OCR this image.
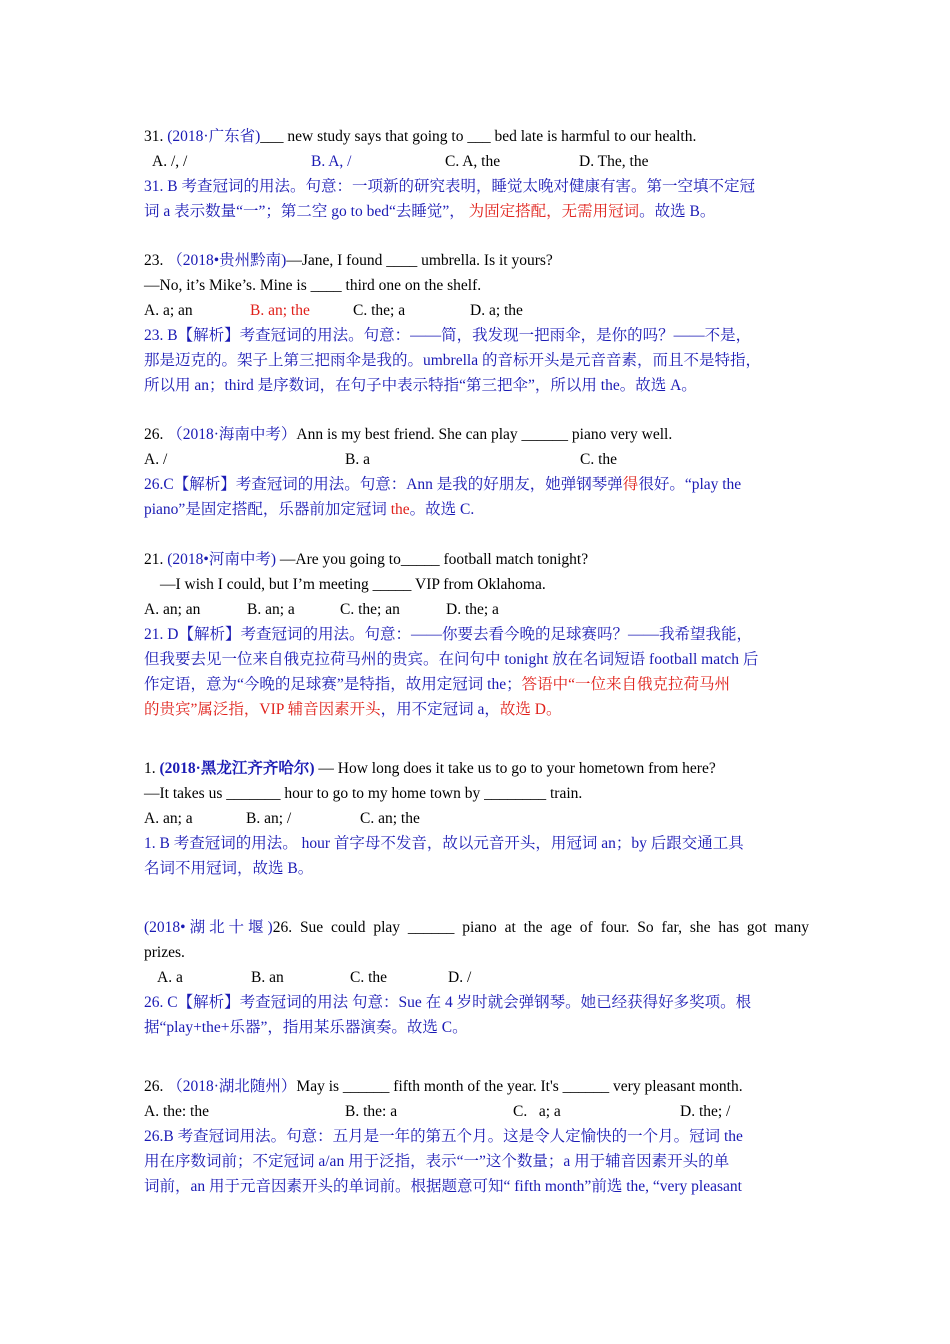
31. (2018·广东省)___ new study says that going to ___ bed late is harmful to our health.
A. /, /	B. A, /	C. A, the	D. The, the
31. B 考查冠词的用法。句意：一项新的研究表明，睡觉太晚对健康有害。第一空填不定冠
词 a 表示数量“一”；第二空 go to bed“去睡觉”， 为固定搭配，无需用冠词。故选 B。
23. （2018•贵州黔南)—Jane, I found ____ umbrella. Is it yours?
—No, it’s Mike’s. Mine is ____ third one on the shelf.
A. a; an	B. an; the	C. the; a	D. a; the
23. B【解析】考查冠词的用法。句意：——简，我发现一把雨伞，是你的吗？——不是，
那是迈克的。架子上第三把雨伞是我的。umbrella 的音标开头是元音音素，而且不是特指，
所以用 an；third 是序数词，在句子中表示特指“第三把伞”，所以用 the。故选 A。
26. （2018·海南中考）Ann is my best friend. She can play ______ piano very well.
A. /	B. a	C. the
26.C【解析】考查冠词的用法。句意：Ann 是我的好朋友，她弹钢琴弹得很好。“play the
piano”是固定搭配，乐器前加定冠词 the。故选 C.
21. (2018•河南中考) —Are you going to_____ football match tonight?
—I wish I could, but I’m meeting _____ VIP from Oklahoma.
A. an; an	B. an; a	C. the; an	D. the; a
21. D【解析】考查冠词的用法。句意：——你要去看今晚的足球赛吗？——我希望我能，
但我要去见一位来自俄克拉荷马州的贵宾。在问句中 tonight 放在名词短语 football match 后
作定语，意为“今晚的足球赛”是特指，故用定冠词 the；答语中“一位来自俄克拉荷马州
的贵宾”属泛指，VIP 辅音因素开头，用不定冠词 a，故选 D。
1. (2018·黑龙江齐齐哈尔) — How long does it take us to go to your hometown from here?
—It takes us _______ hour to go to my home town by ________ train.
A. an; a	B. an; /	C. an; the
1. B 考查冠词的用法。 hour 首字母不发音，故以元音开头，用冠词 an；by 后跟交通工具
名词不用冠词，故选 B。
(2018•湖北十堰)26. Sue could play ______ piano at the age of four. So far, she has got many
prizes.
A. a	B. an	C. the	D. /
26. C【解析】考查冠词的用法 句意：Sue 在 4 岁时就会弹钢琴。她已经获得好多奖项。根
据“play+the+乐器”，指用某乐器演奏。故选 C。
26. （2018·湖北随州）May is ______ fifth month of the year. It's ______ very pleasant month.
A. the: the	B. the: a	C.   a; a	D. the; /
26.B 考查冠词用法。句意：五月是一年的第五个月。这是令人定愉快的一个月。冠词 the
用在序数词前；不定冠词 a/an 用于泛指，表示“一”这个数量；a 用于辅音因素开头的单
词前，an 用于元音因素开头的单词前。根据题意可知“ fifth month”前选 the, “very pleasant
